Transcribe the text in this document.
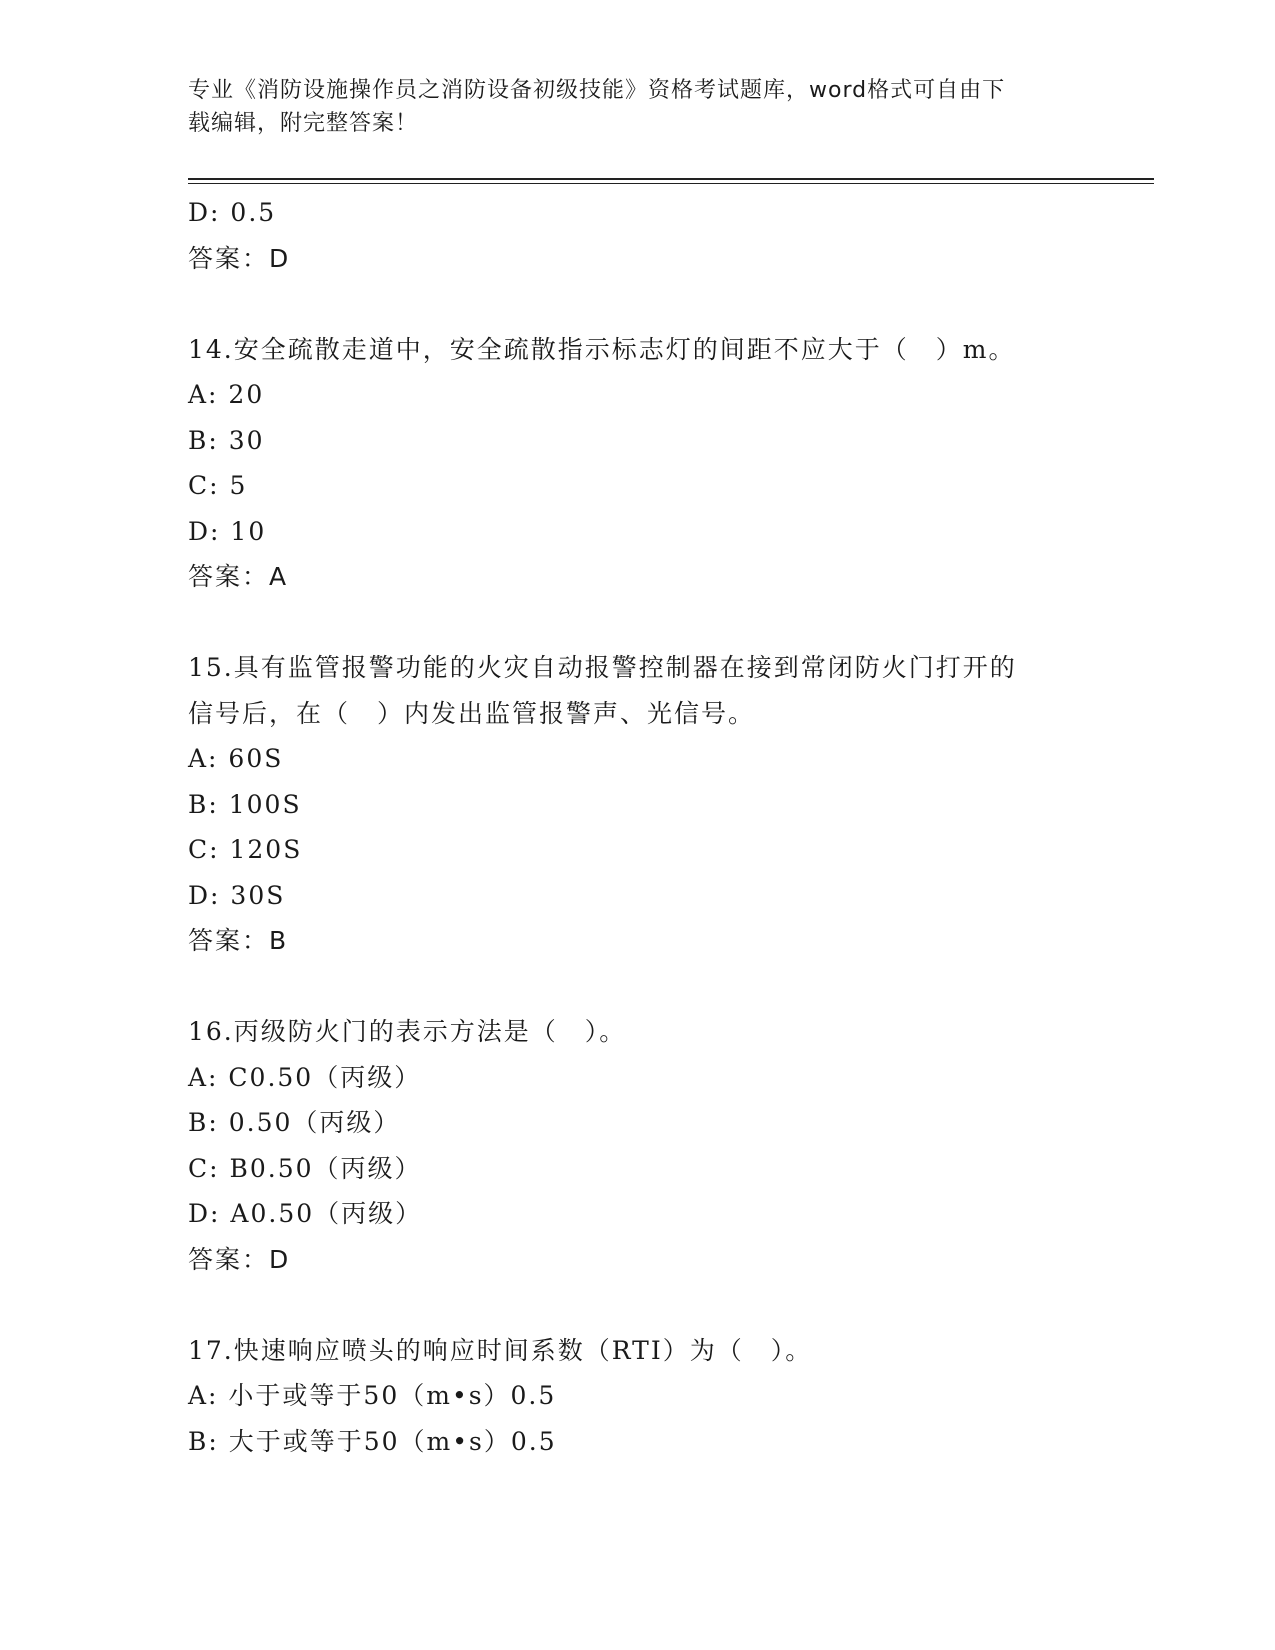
专业《消防设施操作员之消防设备初级技能》资格考试题库，word格式可自由下
载编辑，附完整答案！
D: 0.5
答案：D
14.安全疏散走道中，安全疏散指示标志灯的间距不应大于（　）m。
A: 20
B: 30
C: 5
D: 10
答案：A
15.具有监管报警功能的火灾自动报警控制器在接到常闭防火门打开的
信号后，在（　）内发出监管报警声、光信号。
A: 60S
B: 100S
C: 120S
D: 30S
答案：B
16.丙级防火门的表示方法是（　）。
A: C0.50（丙级）
B: 0.50（丙级）
C: B0.50（丙级）
D: A0.50（丙级）
答案：D
17.快速响应喷头的响应时间系数（RTI）为（　）。
A: 小于或等于50（m•s）0.5
B: 大于或等于50（m•s）0.5
